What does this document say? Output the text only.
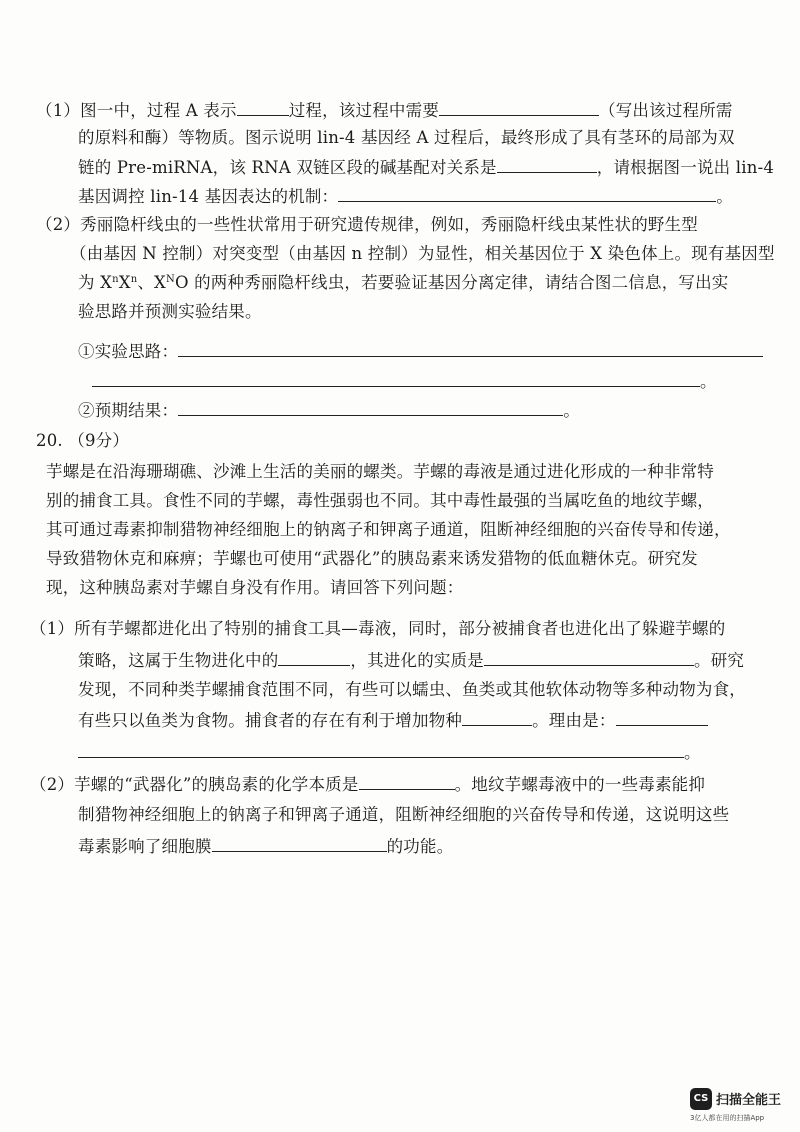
（1）图一中，过程 A 表示	过程，该过程中需要	（写出该过程所需
的原料和酶）等物质。图示说明 lin-4 基因经 A 过程后，最终形成了具有茎环的局部为双
链的 Pre-miRNA，该 RNA 双链区段的碱基配对关系是	，请根据图一说出 lin-4
基因调控 lin-14 基因表达的机制：	。
（2）秀丽隐杆线虫的一些性状常用于研究遗传规律，例如，秀丽隐杆线虫某性状的野生型
（由基因 N 控制）对突变型（由基因 n 控制）为显性，相关基因位于 X 染色体上。现有基因型
为 $X^nX^n$、$X^NO$ 的两种秀丽隐杆线虫，若要验证基因分离定律，请结合图二信息，写出实
验思路并预测实验结果。
①实验思路：
。
②预期结果：	。
20. （9分）
芋螺是在沿海珊瑚礁、沙滩上生活的美丽的螺类。芋螺的毒液是通过进化形成的一种非常特
别的捕食工具。食性不同的芋螺，毒性强弱也不同。其中毒性最强的当属吃鱼的地纹芋螺，
其可通过毒素抑制猎物神经细胞上的钠离子和钾离子通道，阻断神经细胞的兴奋传导和传递，
导致猎物休克和麻痹；芋螺也可使用“武器化”的胰岛素来诱发猎物的低血糖休克。研究发
现，这种胰岛素对芋螺自身没有作用。请回答下列问题：
（1）所有芋螺都进化出了特别的捕食工具—毒液，同时，部分被捕食者也进化出了躲避芋螺的
策略，这属于生物进化中的	，其进化的实质是	。研究
发现，不同种类芋螺捕食范围不同，有些可以蠕虫、鱼类或其他软体动物等多种动物为食，
有些只以鱼类为食物。捕食者的存在有利于增加物种	。理由是：
。
（2）芋螺的“武器化”的胰岛素的化学本质是	。地纹芋螺毒液中的一些毒素能抑
制猎物神经细胞上的钠离子和钾离子通道，阻断神经细胞的兴奋传导和传递，这说明这些
毒素影响了细胞膜	的功能。
CS 扫描全能王
3亿人都在用的扫描App
